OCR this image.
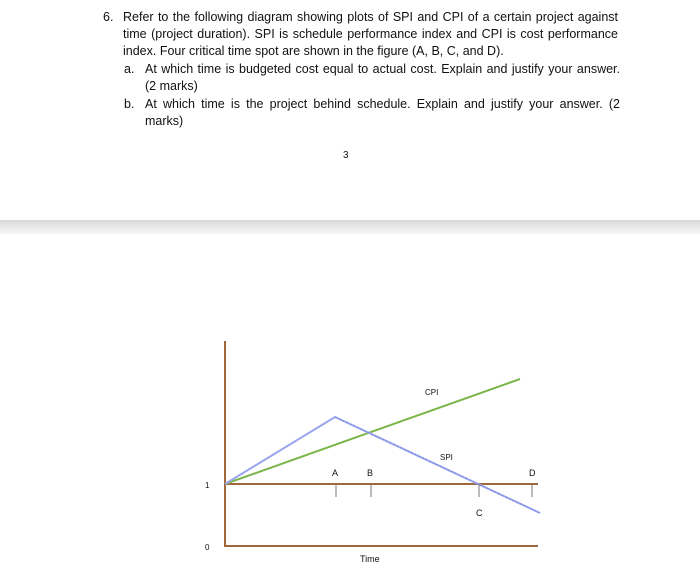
6. Refer to the following diagram showing plots of SPI and CPI of a certain project against time (project duration). SPI is schedule performance index and CPI is cost performance index. Four critical time spot are shown in the figure (A, B, C, and D).
a. At which time is budgeted cost equal to actual cost. Explain and justify your answer. (2 marks)
b. At which time is the project behind schedule. Explain and justify your answer. (2 marks)
3
A	B
C
D
CPI
SPI
1
0
Time
